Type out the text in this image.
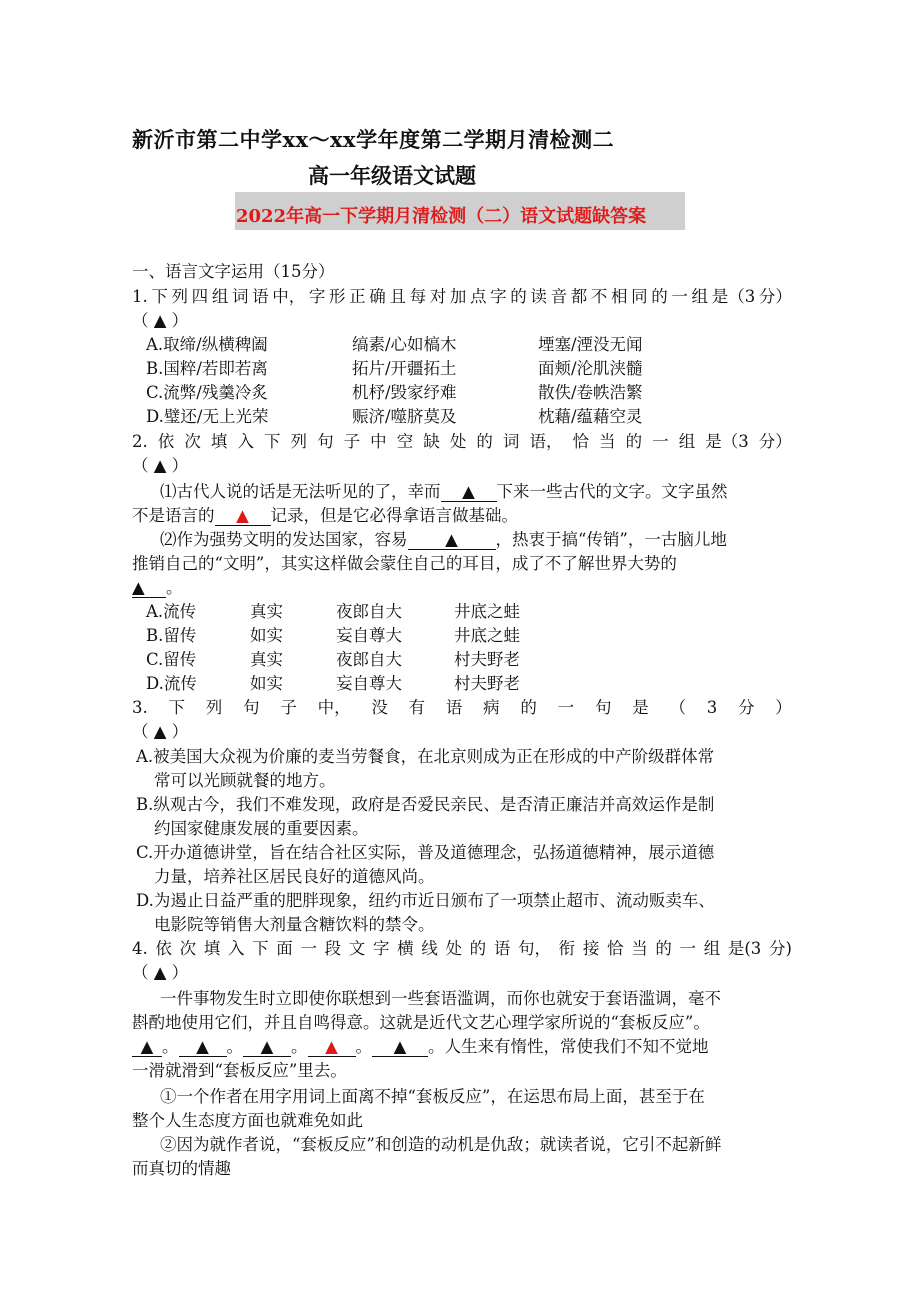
新沂市第二中学xx～xx学年度第二学期月清检测二
高一年级语文试题
2022年高一下学期月清检测（二）语文试题缺答案
一、语言文字运用（15分）
1. 下 列 四 组 词 语 中， 字 形 正 确 且 每 对 加 点 字 的 读 音 都 不 相 同 的 一 组 是（3 分）
（ ▲ ）
A.取缔/纵横稗阖	缟素/心如槁木	堙塞/湮没无闻
B.国粹/若即若离	拓片/开疆拓土	面颊/沦肌浃髓
C.流弊/残羹冷炙	机杼/毁家纾难	散佚/卷帙浩繁
D.璧还/无上光荣	赈济/噬脐莫及	枕藉/蕴藉空灵
2. 依 次 填 入 下 列 句 子 中 空 缺 处 的 词 语， 恰 当 的 一 组 是（3 分）
（ ▲ ）
⑴古代人说的话是无法听见的了，幸而 ▲ 下来一些古代的文字。文字虽然
不是语言的 ▲ 记录，但是它必得拿语言做基础。
⑵作为强势文明的发达国家，容易 ▲ ，热衷于搞“传销”，一古脑儿地
推销自己的“文明”，其实这样做会蒙住自己的耳目，成了不了解世界大势的
▲ 。
A.流传	真实	夜郎自大	井底之蛙
B.留传	如实	妄自尊大	井底之蛙
C.留传	真实	夜郎自大	村夫野老
D.流传	如实	妄自尊大	村夫野老
3. 下 列 句 子 中， 没 有 语 病 的 一 句 是 （ 3 分 ）
（ ▲ ）
A.被美国大众视为价廉的麦当劳餐食，在北京则成为正在形成的中产阶级群体常
常可以光顾就餐的地方。
B.纵观古今，我们不难发现，政府是否爱民亲民、是否清正廉洁并高效运作是制
约国家健康发展的重要因素。
C.开办道德讲堂，旨在结合社区实际，普及道德理念，弘扬道德精神，展示道德
力量，培养社区居民良好的道德风尚。
D.为遏止日益严重的肥胖现象，纽约市近日颁布了一项禁止超市、流动贩卖车、
电影院等销售大剂量含糖饮料的禁令。
4. 依 次 填 入 下 面 一 段 文 字 横 线 处 的 语 句， 衔 接 恰 当 的 一 组 是(3 分)
（ ▲ ）
一件事物发生时立即使你联想到一些套语滥调，而你也就安于套语滥调，毫不
斟酌地使用它们，并且自鸣得意。这就是近代文艺心理学家所说的“套板反应”。
▲ 。 ▲ 。 ▲ 。 ▲ 。 ▲ 。人生来有惰性，常使我们不知不觉地
一滑就滑到“套板反应”里去。
①一个作者在用字用词上面离不掉“套板反应”，在运思布局上面，甚至于在
整个人生态度方面也就难免如此
②因为就作者说，“套板反应”和创造的动机是仇敌；就读者说，它引不起新鲜
而真切的情趣
